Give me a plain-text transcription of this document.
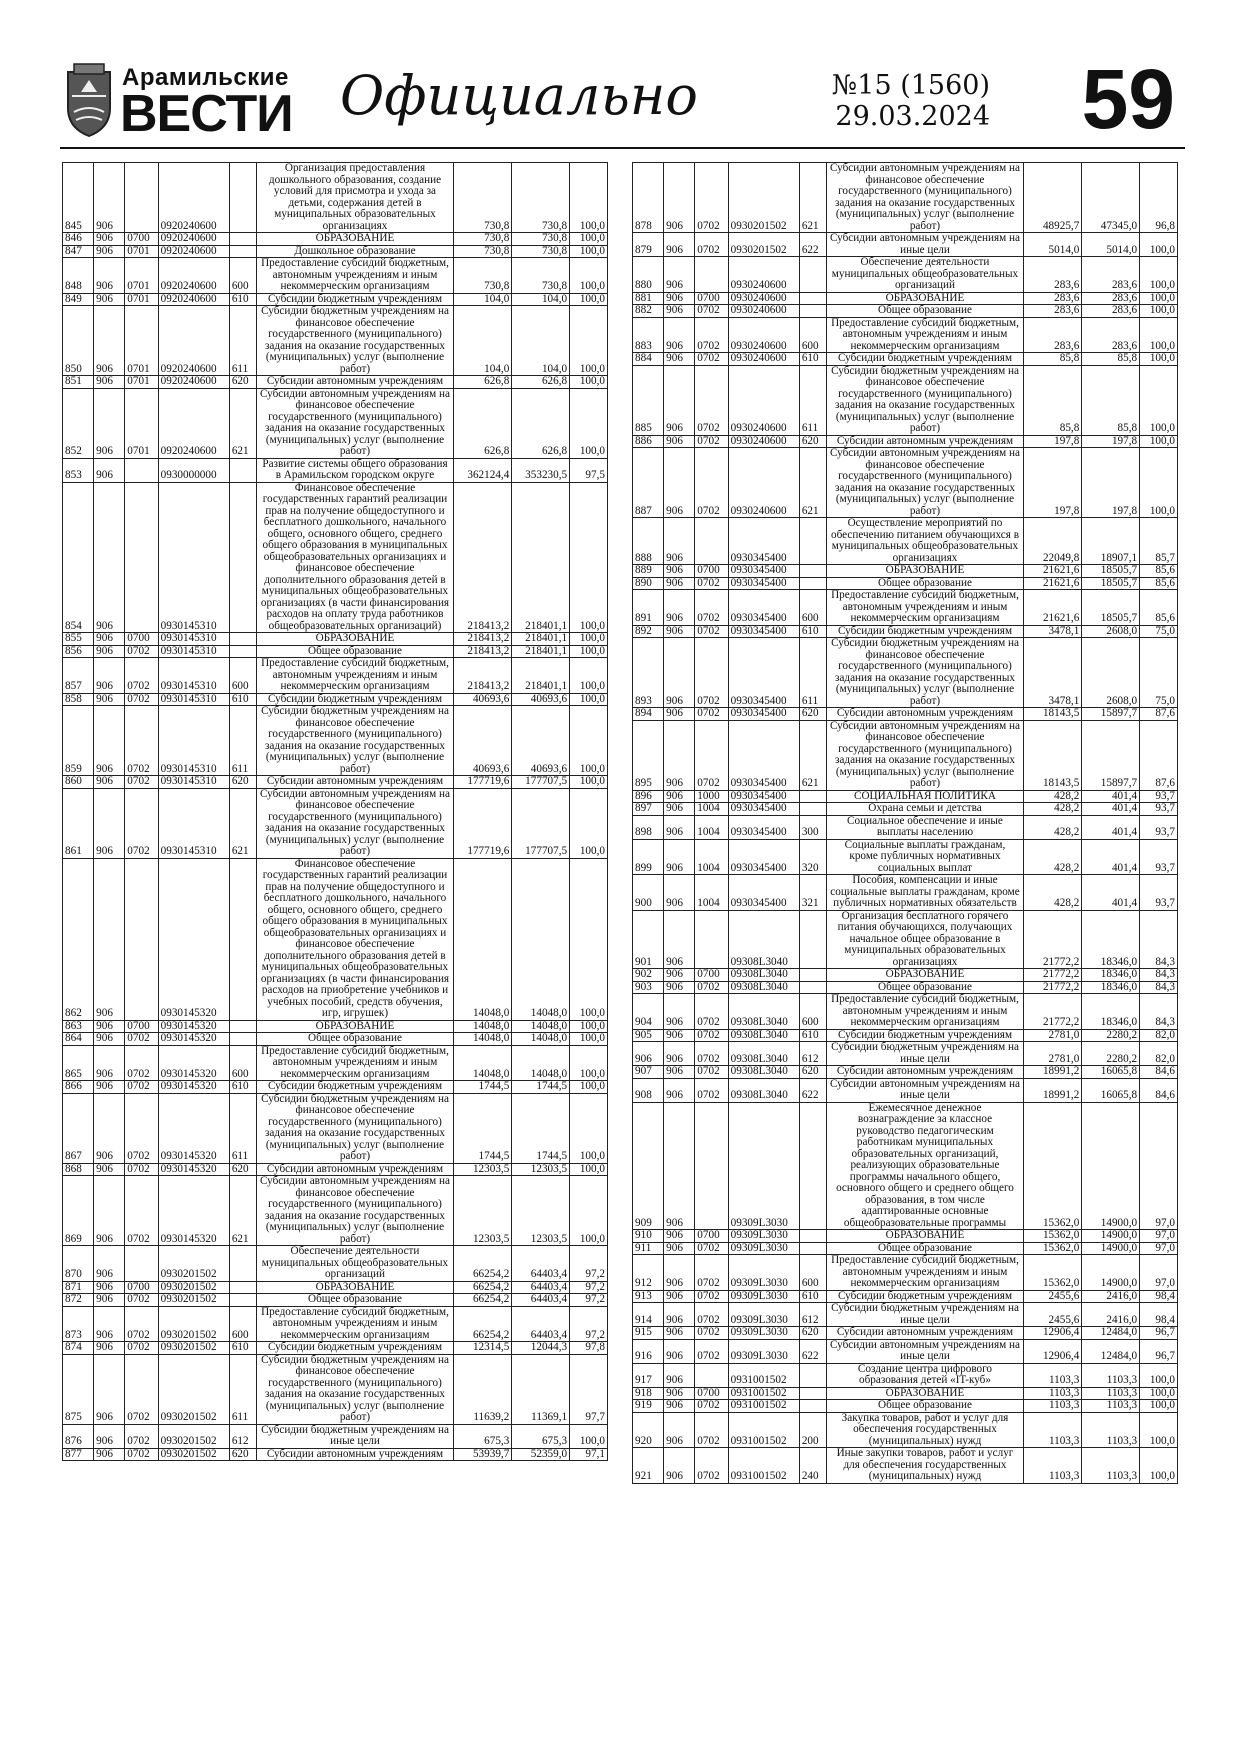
Арамильские
ВЕСТИ Официально	№15 (1560)
29.03.2024 59
845	906		0920240600		Организация предоставления дошкольного образования, создание условий для присмотра и ухода за детьми, содержания детей в муниципальных образовательных организациях	730,8	730,8	100,0
846	906	0700	0920240600		ОБРАЗОВАНИЕ	730,8	730,8	100,0
847	906	0701	0920240600		Дошкольное образование	730,8	730,8	100,0
848	906	0701	0920240600	600	Предоставление субсидий бюджетным, автономным учреждениям и иным некоммерческим организациям	730,8	730,8	100,0
849	906	0701	0920240600	610	Субсидии бюджетным учреждениям	104,0	104,0	100,0
850	906	0701	0920240600	611	Субсидии бюджетным учреждениям на финансовое обеспечение государственного (муниципального) задания на оказание государственных (муниципальных) услуг (выполнение работ)	104,0	104,0	100,0
851	906	0701	0920240600	620	Субсидии автономным учреждениям	626,8	626,8	100,0
852	906	0701	0920240600	621	Субсидии автономным учреждениям на финансовое обеспечение государственного (муниципального) задания на оказание государственных (муниципальных) услуг (выполнение работ)	626,8	626,8	100,0
853	906		0930000000		Развитие системы общего образования в Арамильском городском округе	362124,4	353230,5	97,5
854	906		0930145310		Финансовое обеспечение государственных гарантий реализации прав на получение общедоступного и бесплатного дошкольного, начального общего, основного общего, среднего общего образования в муниципальных общеобразовательных организациях и финансовое обеспечение дополнительного образования детей в муниципальных общеобразовательных организациях (в части финансирования расходов на оплату труда работников общеобразовательных организаций)	218413,2	218401,1	100,0
855	906	0700	0930145310		ОБРАЗОВАНИЕ	218413,2	218401,1	100,0
856	906	0702	0930145310		Общее образование	218413,2	218401,1	100,0
857	906	0702	0930145310	600	Предоставление субсидий бюджетным, автономным учреждениям и иным некоммерческим организациям	218413,2	218401,1	100,0
858	906	0702	0930145310	610	Субсидии бюджетным учреждениям	40693,6	40693,6	100,0
859	906	0702	0930145310	611	Субсидии бюджетным учреждениям на финансовое обеспечение государственного (муниципального) задания на оказание государственных (муниципальных) услуг (выполнение работ)	40693,6	40693,6	100,0
860	906	0702	0930145310	620	Субсидии автономным учреждениям	177719,6	177707,5	100,0
861	906	0702	0930145310	621	Субсидии автономным учреждениям на финансовое обеспечение государственного (муниципального) задания на оказание государственных (муниципальных) услуг (выполнение работ)	177719,6	177707,5	100,0
862	906		0930145320		Финансовое обеспечение государственных гарантий реализации прав на получение общедоступного и бесплатного дошкольного, начального общего, основного общего, среднего общего образования в муниципальных общеобразовательных организациях и финансовое обеспечение дополнительного образования детей в муниципальных общеобразовательных организациях (в части финансирования расходов на приобретение учебников и учебных пособий, средств обучения, игр, игрушек)	14048,0	14048,0	100,0
863	906	0700	0930145320		ОБРАЗОВАНИЕ	14048,0	14048,0	100,0
864	906	0702	0930145320		Общее образование	14048,0	14048,0	100,0
865	906	0702	0930145320	600	Предоставление субсидий бюджетным, автономным учреждениям и иным некоммерческим организациям	14048,0	14048,0	100,0
866	906	0702	0930145320	610	Субсидии бюджетным учреждениям	1744,5	1744,5	100,0
867	906	0702	0930145320	611	Субсидии бюджетным учреждениям на финансовое обеспечение государственного (муниципального) задания на оказание государственных (муниципальных) услуг (выполнение работ)	1744,5	1744,5	100,0
868	906	0702	0930145320	620	Субсидии автономным учреждениям	12303,5	12303,5	100,0
869	906	0702	0930145320	621	Субсидии автономным учреждениям на финансовое обеспечение государственного (муниципального) задания на оказание государственных (муниципальных) услуг (выполнение работ)	12303,5	12303,5	100,0
870	906		0930201502		Обеспечение деятельности муниципальных общеобразовательных организаций	66254,2	64403,4	97,2
871	906	0700	0930201502		ОБРАЗОВАНИЕ	66254,2	64403,4	97,2
872	906	0702	0930201502		Общее образование	66254,2	64403,4	97,2
873	906	0702	0930201502	600	Предоставление субсидий бюджетным, автономным учреждениям и иным некоммерческим организациям	66254,2	64403,4	97,2
874	906	0702	0930201502	610	Субсидии бюджетным учреждениям	12314,5	12044,3	97,8
875	906	0702	0930201502	611	Субсидии бюджетным учреждениям на финансовое обеспечение государственного (муниципального) задания на оказание государственных (муниципальных) услуг (выполнение работ)	11639,2	11369,1	97,7
876	906	0702	0930201502	612	Субсидии бюджетным учреждениям на иные цели	675,3	675,3	100,0
877	906	0702	0930201502	620	Субсидии автономным учреждениям	53939,7	52359,0	97,1
878	906	0702	0930201502	621	Субсидии автономным учреждениям на финансовое обеспечение государственного (муниципального) задания на оказание государственных (муниципальных) услуг (выполнение работ)	48925,7	47345,0	96,8
879	906	0702	0930201502	622	Субсидии автономным учреждениям на иные цели	5014,0	5014,0	100,0
880	906		0930240600		Обеспечение деятельности муниципальных общеобразовательных организаций	283,6	283,6	100,0
881	906	0700	0930240600		ОБРАЗОВАНИЕ	283,6	283,6	100,0
882	906	0702	0930240600		Общее образование	283,6	283,6	100,0
883	906	0702	0930240600	600	Предоставление субсидий бюджетным, автономным учреждениям и иным некоммерческим организациям	283,6	283,6	100,0
884	906	0702	0930240600	610	Субсидии бюджетным учреждениям	85,8	85,8	100,0
885	906	0702	0930240600	611	Субсидии бюджетным учреждениям на финансовое обеспечение государственного (муниципального) задания на оказание государственных (муниципальных) услуг (выполнение работ)	85,8	85,8	100,0
886	906	0702	0930240600	620	Субсидии автономным учреждениям	197,8	197,8	100,0
887	906	0702	0930240600	621	Субсидии автономным учреждениям на финансовое обеспечение государственного (муниципального) задания на оказание государственных (муниципальных) услуг (выполнение работ)	197,8	197,8	100,0
888	906		0930345400		Осуществление мероприятий по обеспечению питанием обучающихся в муниципальных общеобразовательных организациях	22049,8	18907,1	85,7
889	906	0700	0930345400		ОБРАЗОВАНИЕ	21621,6	18505,7	85,6
890	906	0702	0930345400		Общее образование	21621,6	18505,7	85,6
891	906	0702	0930345400	600	Предоставление субсидий бюджетным, автономным учреждениям и иным некоммерческим организациям	21621,6	18505,7	85,6
892	906	0702	0930345400	610	Субсидии бюджетным учреждениям	3478,1	2608,0	75,0
893	906	0702	0930345400	611	Субсидии бюджетным учреждениям на финансовое обеспечение государственного (муниципального) задания на оказание государственных (муниципальных) услуг (выполнение работ)	3478,1	2608,0	75,0
894	906	0702	0930345400	620	Субсидии автономным учреждениям	18143,5	15897,7	87,6
895	906	0702	0930345400	621	Субсидии автономным учреждениям на финансовое обеспечение государственного (муниципального) задания на оказание государственных (муниципальных) услуг (выполнение работ)	18143,5	15897,7	87,6
896	906	1000	0930345400		СОЦИАЛЬНАЯ ПОЛИТИКА	428,2	401,4	93,7
897	906	1004	0930345400		Охрана семьи и детства	428,2	401,4	93,7
898	906	1004	0930345400	300	Социальное обеспечение и иные выплаты населению	428,2	401,4	93,7
899	906	1004	0930345400	320	Социальные выплаты гражданам, кроме публичных нормативных социальных выплат	428,2	401,4	93,7
900	906	1004	0930345400	321	Пособия, компенсации и иные социальные выплаты гражданам, кроме публичных нормативных обязательств	428,2	401,4	93,7
901	906		09308L3040		Организация бесплатного горячего питания обучающихся, получающих начальное общее образование в муниципальных образовательных организациях	21772,2	18346,0	84,3
902	906	0700	09308L3040		ОБРАЗОВАНИЕ	21772,2	18346,0	84,3
903	906	0702	09308L3040		Общее образование	21772,2	18346,0	84,3
904	906	0702	09308L3040	600	Предоставление субсидий бюджетным, автономным учреждениям и иным некоммерческим организациям	21772,2	18346,0	84,3
905	906	0702	09308L3040	610	Субсидии бюджетным учреждениям	2781,0	2280,2	82,0
906	906	0702	09308L3040	612	Субсидии бюджетным учреждениям на иные цели	2781,0	2280,2	82,0
907	906	0702	09308L3040	620	Субсидии автономным учреждениям	18991,2	16065,8	84,6
908	906	0702	09308L3040	622	Субсидии автономным учреждениям на иные цели	18991,2	16065,8	84,6
909	906		09309L3030		Ежемесячное денежное вознаграждение за классное руководство педагогическим работникам муниципальных образовательных организаций, реализующих образовательные программы начального общего, основного общего и среднего общего образования, в том числе адаптированные основные общеобразовательные программы	15362,0	14900,0	97,0
910	906	0700	09309L3030		ОБРАЗОВАНИЕ	15362,0	14900,0	97,0
911	906	0702	09309L3030		Общее образование	15362,0	14900,0	97,0
912	906	0702	09309L3030	600	Предоставление субсидий бюджетным, автономным учреждениям и иным некоммерческим организациям	15362,0	14900,0	97,0
913	906	0702	09309L3030	610	Субсидии бюджетным учреждениям	2455,6	2416,0	98,4
914	906	0702	09309L3030	612	Субсидии бюджетным учреждениям на иные цели	2455,6	2416,0	98,4
915	906	0702	09309L3030	620	Субсидии автономным учреждениям	12906,4	12484,0	96,7
916	906	0702	09309L3030	622	Субсидии автономным учреждениям на иные цели	12906,4	12484,0	96,7
917	906		0931001502		Создание центра цифрового образования детей «IT-куб»	1103,3	1103,3	100,0
918	906	0700	0931001502		ОБРАЗОВАНИЕ	1103,3	1103,3	100,0
919	906	0702	0931001502		Общее образование	1103,3	1103,3	100,0
920	906	0702	0931001502	200	Закупка товаров, работ и услуг для обеспечения государственных (муниципальных) нужд	1103,3	1103,3	100,0
921	906	0702	0931001502	240	Иные закупки товаров, работ и услуг для обеспечения государственных (муниципальных) нужд	1103,3	1103,3	100,0
